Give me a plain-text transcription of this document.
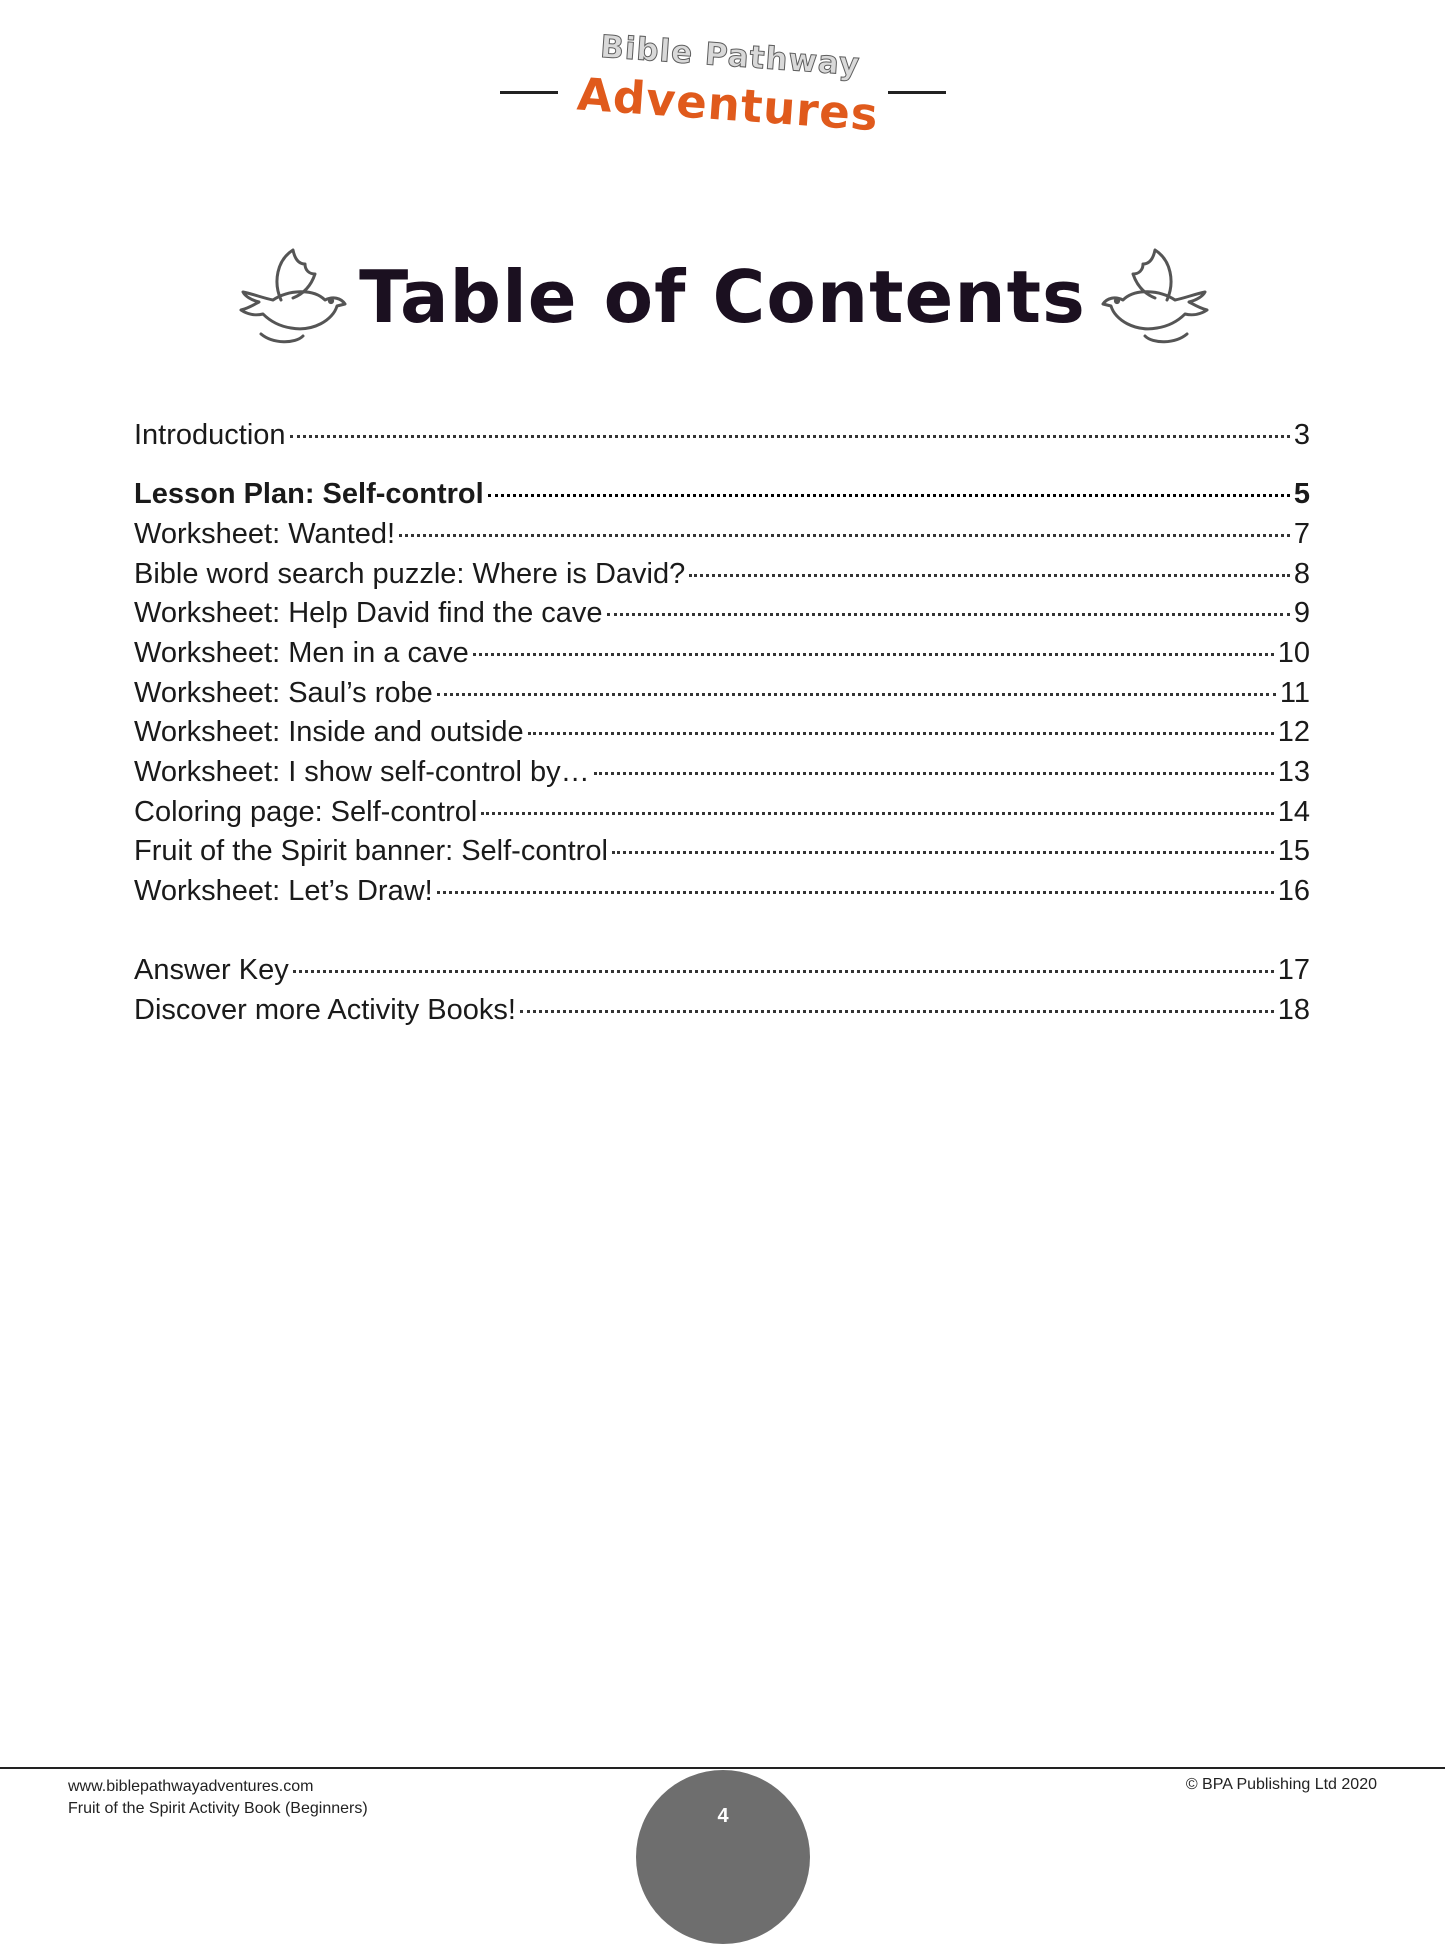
Bible Pathway
Adventures
Table of Contents
Introduction	3
Lesson Plan: Self-control	5
Worksheet: Wanted!	7
Bible word search puzzle: Where is David?	8
Worksheet: Help David find the cave	9
Worksheet: Men in a cave	10
Worksheet: Saul’s robe	11
Worksheet: Inside and outside	12
Worksheet: I show self-control by…	13
Coloring page: Self-control	14
Fruit of the Spirit banner: Self-control	15
Worksheet: Let’s Draw!	16
Answer Key	17
Discover more Activity Books!	18
www.biblepathwayadventures.com
Fruit of the Spirit Activity Book (Beginners)
© BPA Publishing Ltd 2020
4
